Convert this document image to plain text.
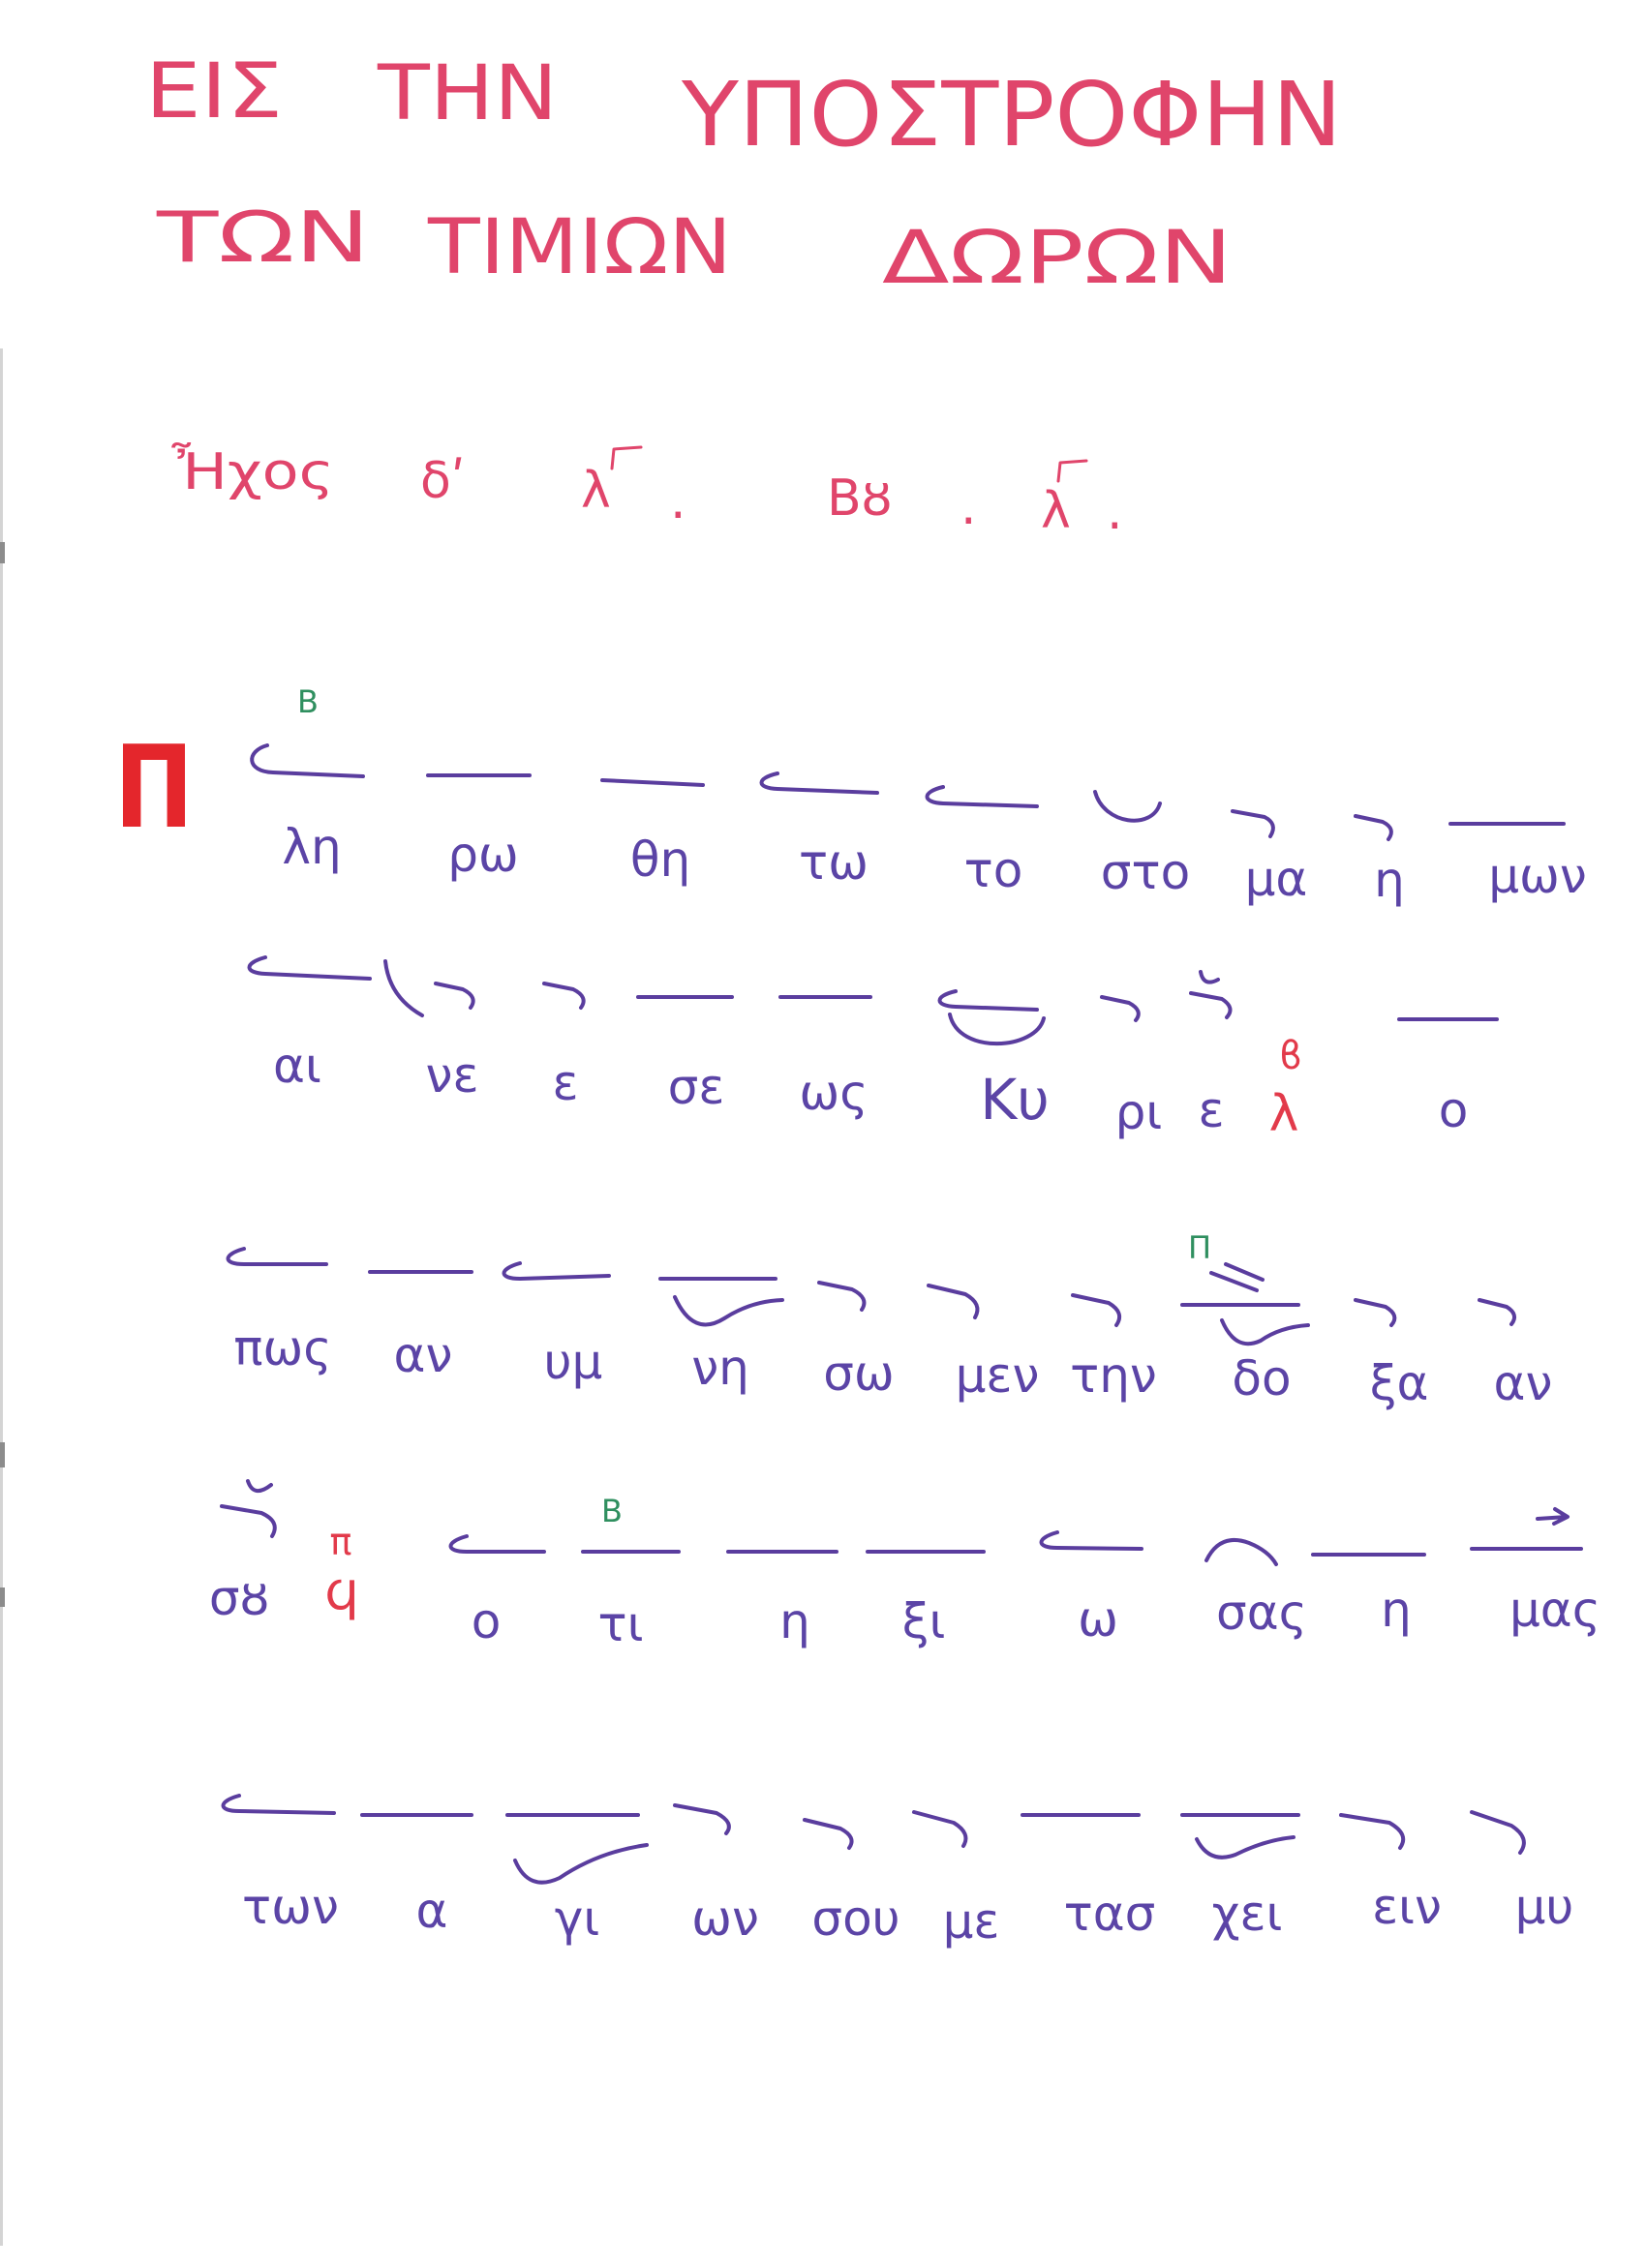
ΕΙΣ ΤΗΝ ΥΠΟΣΤΡΟΦΗΝ
ΤΩΝ ΤΙΜΙΩΝ ΔΩΡΩΝ
Ἦχος	δʹ λ .	Βȣ . λ .
Π
Β
λη ρω θη τω το στο μα η μων
αι νε ε σε ως Κυ ρι ε
ϐ
λ	ο
Π
πως αν υμ νη σω μεν την δο ξα αν
Β
σȣ
π
ϥ ο τι	η ξι	ω σας η μας
των α γι ων σου με τασ χει ειν μυ
